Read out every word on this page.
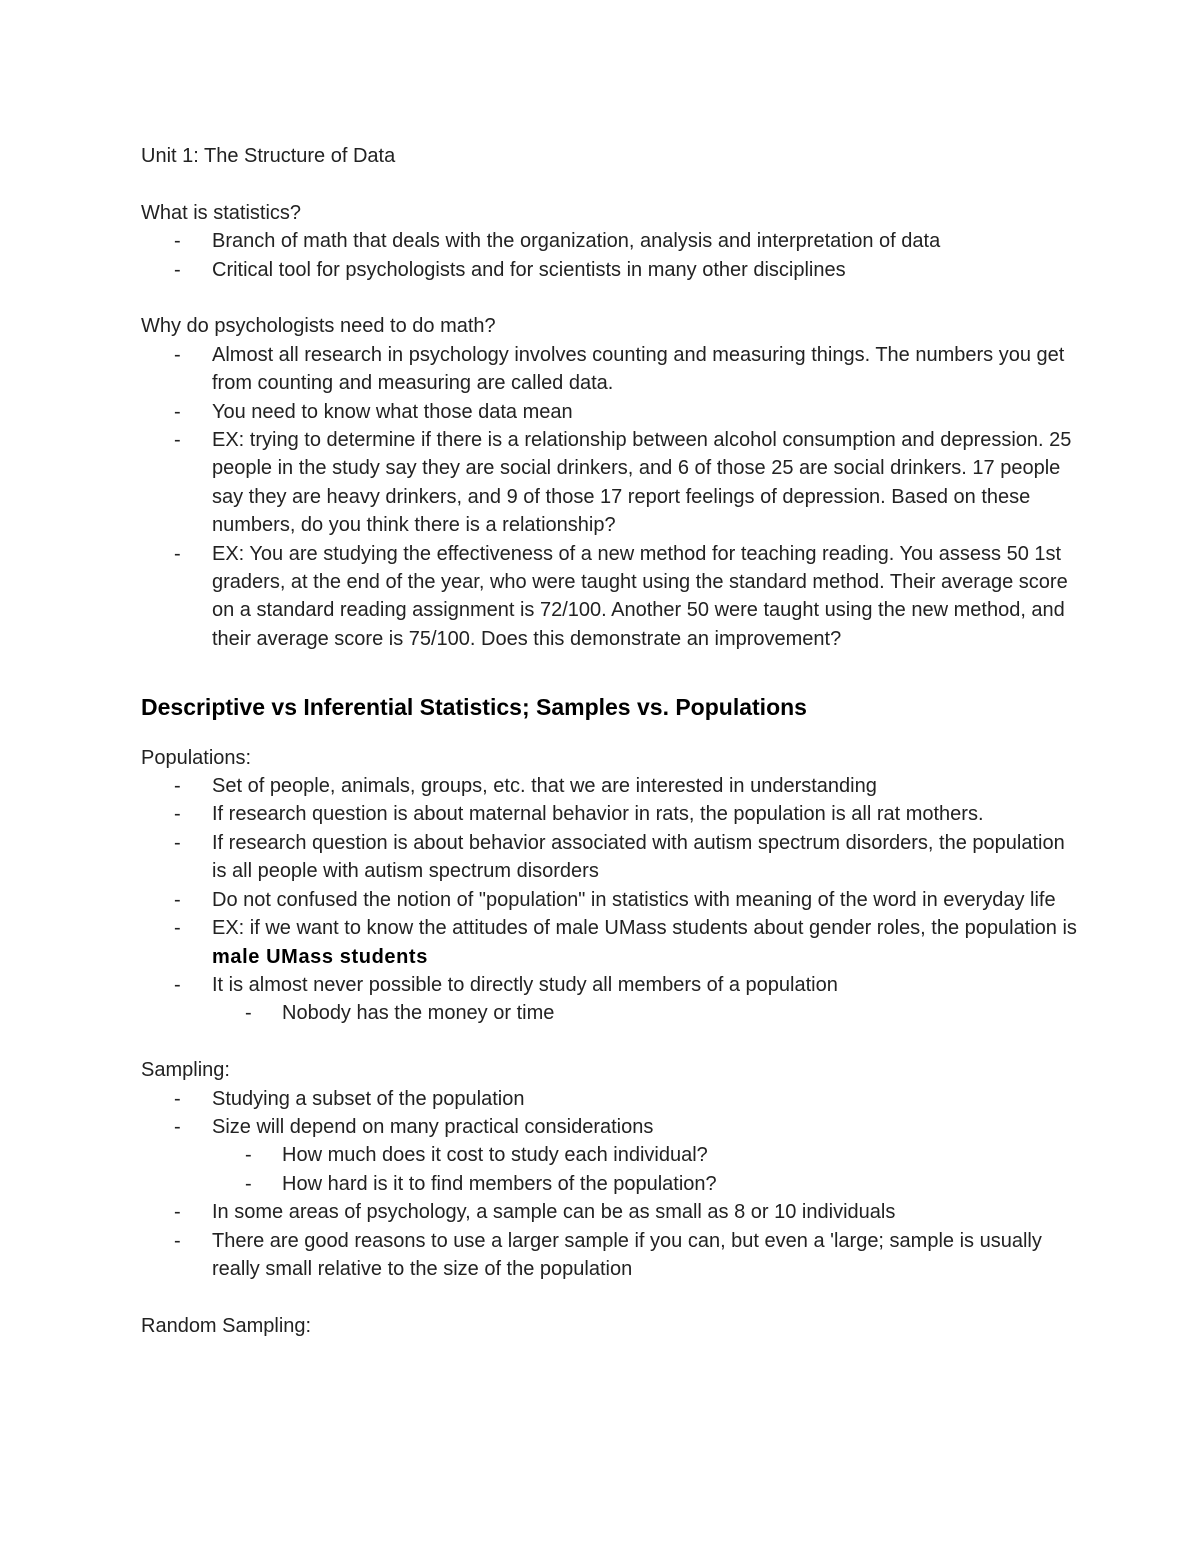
Unit 1: The Structure of Data

What is statistics?

- Branch of math that deals with the organization, analysis and interpretation of data
- Critical tool for psychologists and for scientists in many other disciplines

Why do psychologists need to do math?

- Almost all research in psychology involves counting and measuring things. The numbers you get from counting and measuring are called data.
- You need to know what those data mean
- EX: trying to determine if there is a relationship between alcohol consumption and depression. 25 people in the study say they are social drinkers, and 6 of those 25 are social drinkers. 17 people say they are heavy drinkers, and 9 of those 17 report feelings of depression. Based on these numbers, do you think there is a relationship?
- EX: You are studying the effectiveness of a new method for teaching reading. You assess 50 1st graders, at the end of the year, who were taught using the standard method. Their average score on a standard reading assignment is 72/100. Another 50 were taught using the new method, and their average score is 75/100. Does this demonstrate an improvement?

Descriptive vs Inferential Statistics; Samples vs. Populations

Populations:

- Set of people, animals, groups, etc. that we are interested in understanding
- If research question is about maternal behavior in rats, the population is all rat mothers.
- If research question is about behavior associated with autism spectrum disorders, the population is all people with autism spectrum disorders
- Do not confused the notion of "population" in statistics with meaning of the word in everyday life
- EX: if we want to know the attitudes of male UMass students about gender roles, the population is male UMass students
- It is almost never possible to directly study all members of a population
- Nobody has the money or time

Sampling:

- Studying a subset of the population
- Size will depend on many practical considerations
- How much does it cost to study each individual?
- How hard is it to find members of the population?
- In some areas of psychology, a sample can be as small as 8 or 10 individuals
- There are good reasons to use a larger sample if you can, but even a 'large; sample is usually really small relative to the size of the population

Random Sampling:
